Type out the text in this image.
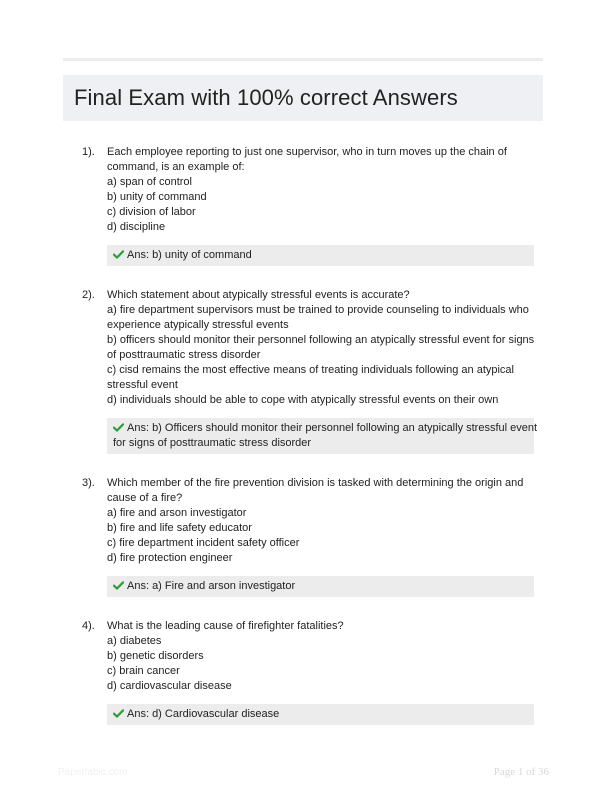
Final Exam with 100% correct Answers
1). Each employee reporting to just one supervisor, who in turn moves up the chain of

command, is an example of:

a) span of control

b) unity of command

c) division of labor

d) discipline

Ans: b) unity of command

2). Which statement about atypically stressful events is accurate?

a) fire department supervisors must be trained to provide counseling to individuals who

experience atypically stressful events

b) officers should monitor their personnel following an atypically stressful event for signs

of posttraumatic stress disorder

c) cisd remains the most effective means of treating individuals following an atypical

stressful event

d) individuals should be able to cope with atypically stressful events on their own

Ans: b) Officers should monitor their personnel following an atypically stressful event

for signs of posttraumatic stress disorder

3). Which member of the fire prevention division is tasked with determining the origin and

cause of a fire?

a) fire and arson investigator

b) fire and life safety educator

c) fire department incident safety officer

d) fire protection engineer

Ans: a) Fire and arson investigator

4). What is the leading cause of firefighter fatalities?

a) diabetes

b) genetic disorders

c) brain cancer

d) cardiovascular disease

Ans: d) Cardiovascular disease

Paperfabic.com	Page 1 of 36
